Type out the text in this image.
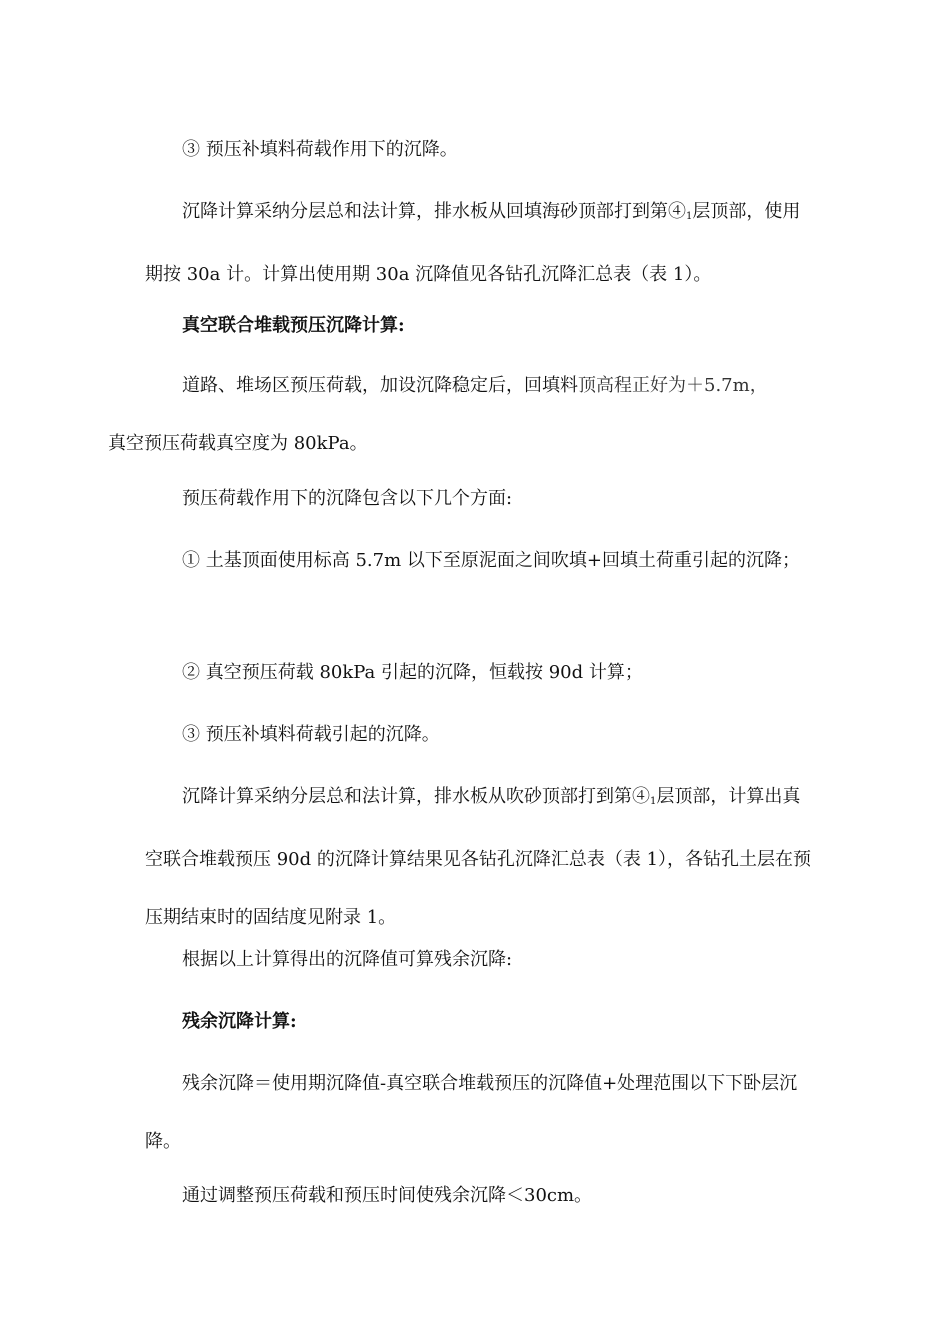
③ 预压补填料荷载作用下的沉降。

沉降计算采纳分层总和法计算，排水板从回填海砂顶部打到第$④_1$层顶部，使用期按 30a 计。计算出使用期 30a 沉降值见各钻孔沉降汇总表（表 1）。

真空联合堆载预压沉降计算:

道路、堆场区预压荷载，加设沉降稳定后，回填料顶高程正好为＋5.7m，
真空预压荷载真空度为 80kPa。

预压荷载作用下的沉降包含以下几个方面:

① 土基顶面使用标高 5.7m 以下至原泥面之间吹填+回填土荷重引起的沉降；

② 真空预压荷载 80kPa 引起的沉降，恒载按 90d 计算；

③ 预压补填料荷载引起的沉降。

沉降计算采纳分层总和法计算，排水板从吹砂顶部打到第$④_1$层顶部，计算出真空联合堆载预压 90d 的沉降计算结果见各钻孔沉降汇总表（表 1），各钻孔土层在预压期结束时的固结度见附录 1。

根据以上计算得出的沉降值可算残余沉降:

残余沉降计算:

残余沉降＝使用期沉降值-真空联合堆载预压的沉降值+处理范围以下下卧层沉降。

通过调整预压荷载和预压时间使残余沉降＜30cm。
